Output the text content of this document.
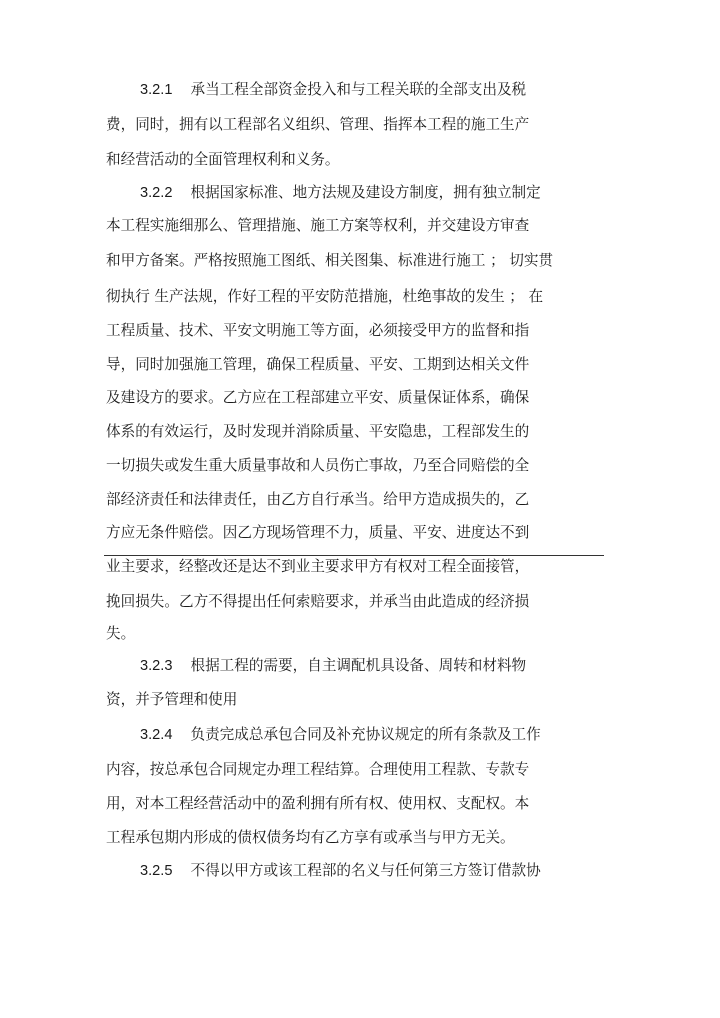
3.2.1 承当工程全部资金投入和与工程关联的全部支出及税
费，同时，拥有以工程部名义组织、管理、指挥本工程的施工生产
和经营活动的全面管理权利和义务。
3.2.2 根据国家标准、地方法规及建设方制度，拥有独立制定
本工程实施细那么、管理措施、施工方案等权利，并交建设方审查
和甲方备案。严格按照施工图纸、相关图集、标准进行施工 ； 切实贯
彻执行 生产法规，作好工程的平安防范措施，杜绝事故的发生 ； 在
工程质量、技术、平安文明施工等方面，必须接受甲方的监督和指
导，同时加强施工管理，确保工程质量、平安、工期到达相关文件
及建设方的要求。乙方应在工程部建立平安、质量保证体系，确保
体系的有效运行，及时发现并消除质量、平安隐患，工程部发生的
一切损失或发生重大质量事故和人员伤亡事故，乃至合同赔偿的全
部经济责任和法律责任，由乙方自行承当。给甲方造成损失的，乙
方应无条件赔偿。因乙方现场管理不力，质量、平安、进度达不到
业主要求，经整改还是达不到业主要求甲方有权对工程全面接管，
挽回损失。乙方不得提出任何索赔要求，并承当由此造成的经济损
失。
3.2.3 根据工程的需要，自主调配机具设备、周转和材料物
资，并予管理和使用
3.2.4 负责完成总承包合同及补充协议规定的所有条款及工作
内容，按总承包合同规定办理工程结算。合理使用工程款、专款专
用，对本工程经营活动中的盈利拥有所有权、使用权、支配权。本
工程承包期内形成的债权债务均有乙方享有或承当与甲方无关。
3.2.5 不得以甲方或该工程部的名义与任何第三方签订借款协
